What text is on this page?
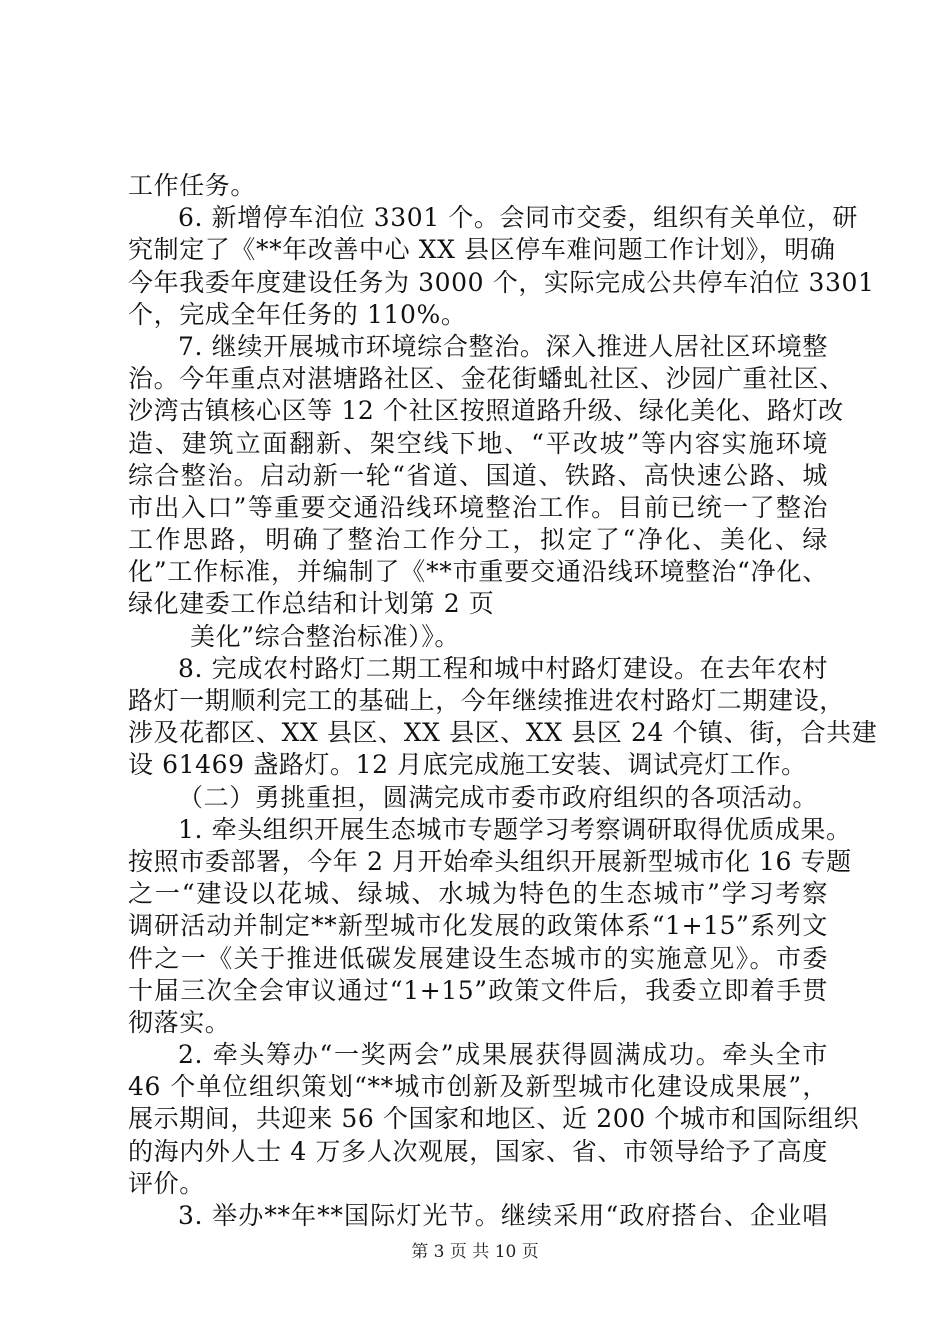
工作任务。
6. 新增停车泊位 3301 个。会同市交委，组织有关单位，研
究制定了《**年改善中心 XX 县区停车难问题工作计划》，明确
今年我委年度建设任务为 3000 个，实际完成公共停车泊位 3301
个，完成全年任务的 110%。
7. 继续开展城市环境综合整治。深入推进人居社区环境整
治。今年重点对湛塘路社区、金花街蟠虬社区、沙园广重社区、
沙湾古镇核心区等 12 个社区按照道路升级、绿化美化、路灯改
造、建筑立面翻新、架空线下地、“平改坡”等内容实施环境
综合整治。启动新一轮“省道、国道、铁路、高快速公路、城
市出入口”等重要交通沿线环境整治工作。目前已统一了整治
工作思路，明确了整治工作分工，拟定了“净化、美化、绿
化”工作标准，并编制了《**市重要交通沿线环境整治“净化、
绿化建委工作总结和计划第 2 页
美化”综合整治标准）》。
8. 完成农村路灯二期工程和城中村路灯建设。在去年农村
路灯一期顺利完工的基础上，今年继续推进农村路灯二期建设，
涉及花都区、XX 县区、XX 县区、XX 县区 24 个镇、街，合共建
设 61469 盏路灯。12 月底完成施工安装、调试亮灯工作。
（二）勇挑重担，圆满完成市委市政府组织的各项活动。
1. 牵头组织开展生态城市专题学习考察调研取得优质成果。
按照市委部署，今年 2 月开始牵头组织开展新型城市化 16 专题
之一“建设以花城、绿城、水城为特色的生态城市”学习考察
调研活动并制定**新型城市化发展的政策体系“1+15”系列文
件之一《关于推进低碳发展建设生态城市的实施意见》。市委
十届三次全会审议通过“1+15”政策文件后，我委立即着手贯
彻落实。
2. 牵头筹办“一奖两会”成果展获得圆满成功。牵头全市
46 个单位组织策划“**城市创新及新型城市化建设成果展”，
展示期间，共迎来 56 个国家和地区、近 200 个城市和国际组织
的海内外人士 4 万多人次观展，国家、省、市领导给予了高度
评价。
3. 举办**年**国际灯光节。继续采用“政府搭台、企业唱
第 3 页 共 10 页
